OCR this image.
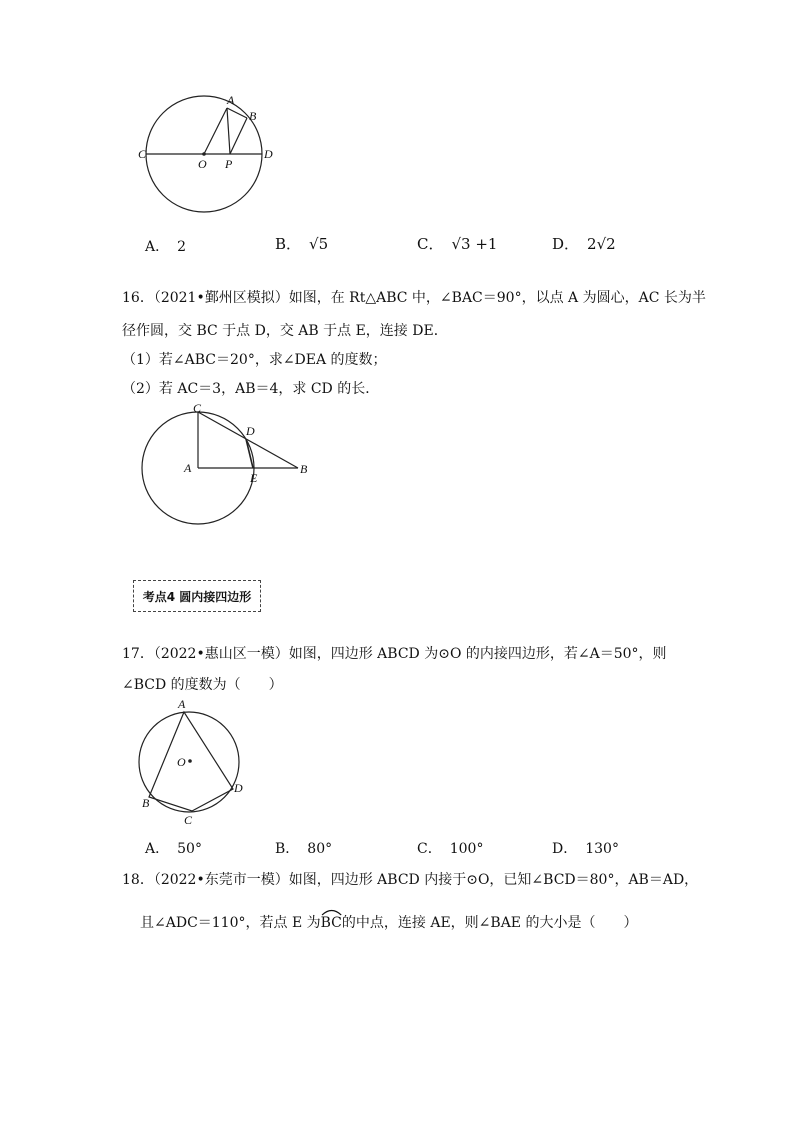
A
B
C	D
O P
A． 2	B． √5	C． √3 +1	D． 2√2
16．（2021•鄞州区模拟）如图，在 Rt△ABC 中，∠BAC＝90°，以点 A 为圆心，AC 长为半
径作圆，交 BC 于点 D，交 AB 于点 E，连接 DE．
（1）若∠ABC＝20°，求∠DEA 的度数；
（2）若 AC＝3，AB＝4，求 CD 的长．
C
D
A
E
B
考点4 圆内接四边形
17．（2022•惠山区一模）如图，四边形 ABCD 为⊙O 的内接四边形，若∠A＝50°，则
∠BCD 的度数为（　　）
A
O
B
C
D
A． 50°	B． 80°	C． 100°	D． 130°
18．（2022•东莞市一模）如图，四边形 ABCD 内接于⊙O，已知∠BCD＝80°，AB＝AD，
且∠ADC＝110°，若点 E 为
BC的中点，连接 AE，则∠BAE 的大小是（　　）
